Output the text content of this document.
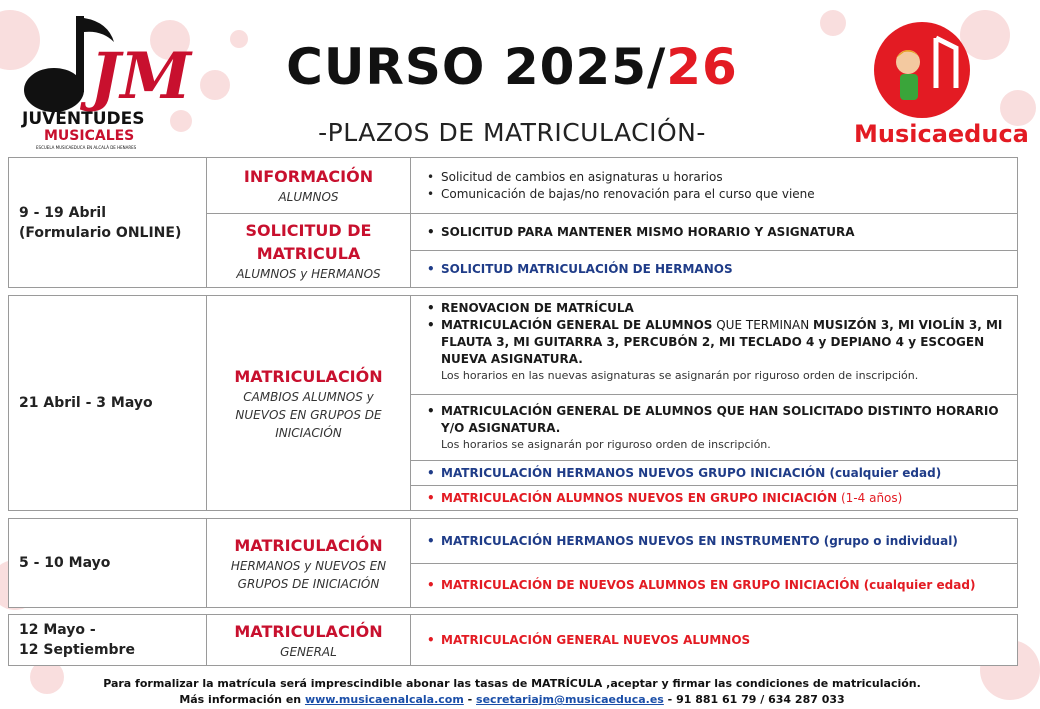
JM
JUVENTUDES
MUSICALES
ESCUELA MUSICAEDUCA EN ALCALÁ DE HENARES
CURSO 2025/26
-PLAZOS DE MATRICULACIÓN-	Musicaeduca
9 - 19 Abril
(Formulario ONLINE)
INFORMACIÓN
ALUMNOS
SOLICITUD DE MATRICULA
ALUMNOS y HERMANOS
• Solicitud de cambios en asignaturas u horarios
• Comunicación de bajas/no renovación para el curso que viene
• SOLICITUD PARA MANTENER MISMO HORARIO Y ASIGNATURA
• SOLICITUD MATRICULACIÓN DE HERMANOS
21 Abril - 3 Mayo
MATRICULACIÓN
CAMBIOS ALUMNOS y NUEVOS EN GRUPOS DE INICIACIÓN
• RENOVACION DE MATRÍCULA
• MATRICULACIÓN GENERAL DE ALUMNOS QUE TERMINAN MUSIZÓN 3, MI VIOLÍN 3, MI FLAUTA 3, MI GUITARRA 3, PERCUBÓN 2, MI TECLADO 4 y DEPIANO 4 y ESCOGEN NUEVA ASIGNATURA.
Los horarios en las nuevas asignaturas se asignarán por riguroso orden de inscripción.
• MATRICULACIÓN GENERAL DE ALUMNOS QUE HAN SOLICITADO DISTINTO HORARIO Y/O ASIGNATURA.
Los horarios se asignarán por riguroso orden de inscripción.
• MATRICULACIÓN HERMANOS NUEVOS GRUPO INICIACIÓN (cualquier edad)
• MATRICULACIÓN ALUMNOS NUEVOS EN GRUPO INICIACIÓN (1-4 años)
5 - 10 Mayo
MATRICULACIÓN
HERMANOS y NUEVOS EN GRUPOS DE INICIACIÓN
• MATRICULACIÓN HERMANOS NUEVOS EN INSTRUMENTO (grupo o individual)
• MATRICULACIÓN DE NUEVOS ALUMNOS EN GRUPO INICIACIÓN (cualquier edad)
12 Mayo -
12 Septiembre
MATRICULACIÓN
GENERAL
• MATRICULACIÓN GENERAL NUEVOS ALUMNOS
Para formalizar la matrícula será imprescindible abonar las tasas de MATRÍCULA ,aceptar y firmar las condiciones de matriculación.
Más información en www.musicaenalcala.com - secretariajm@musicaeduca.es - 91 881 61 79 / 634 287 033
